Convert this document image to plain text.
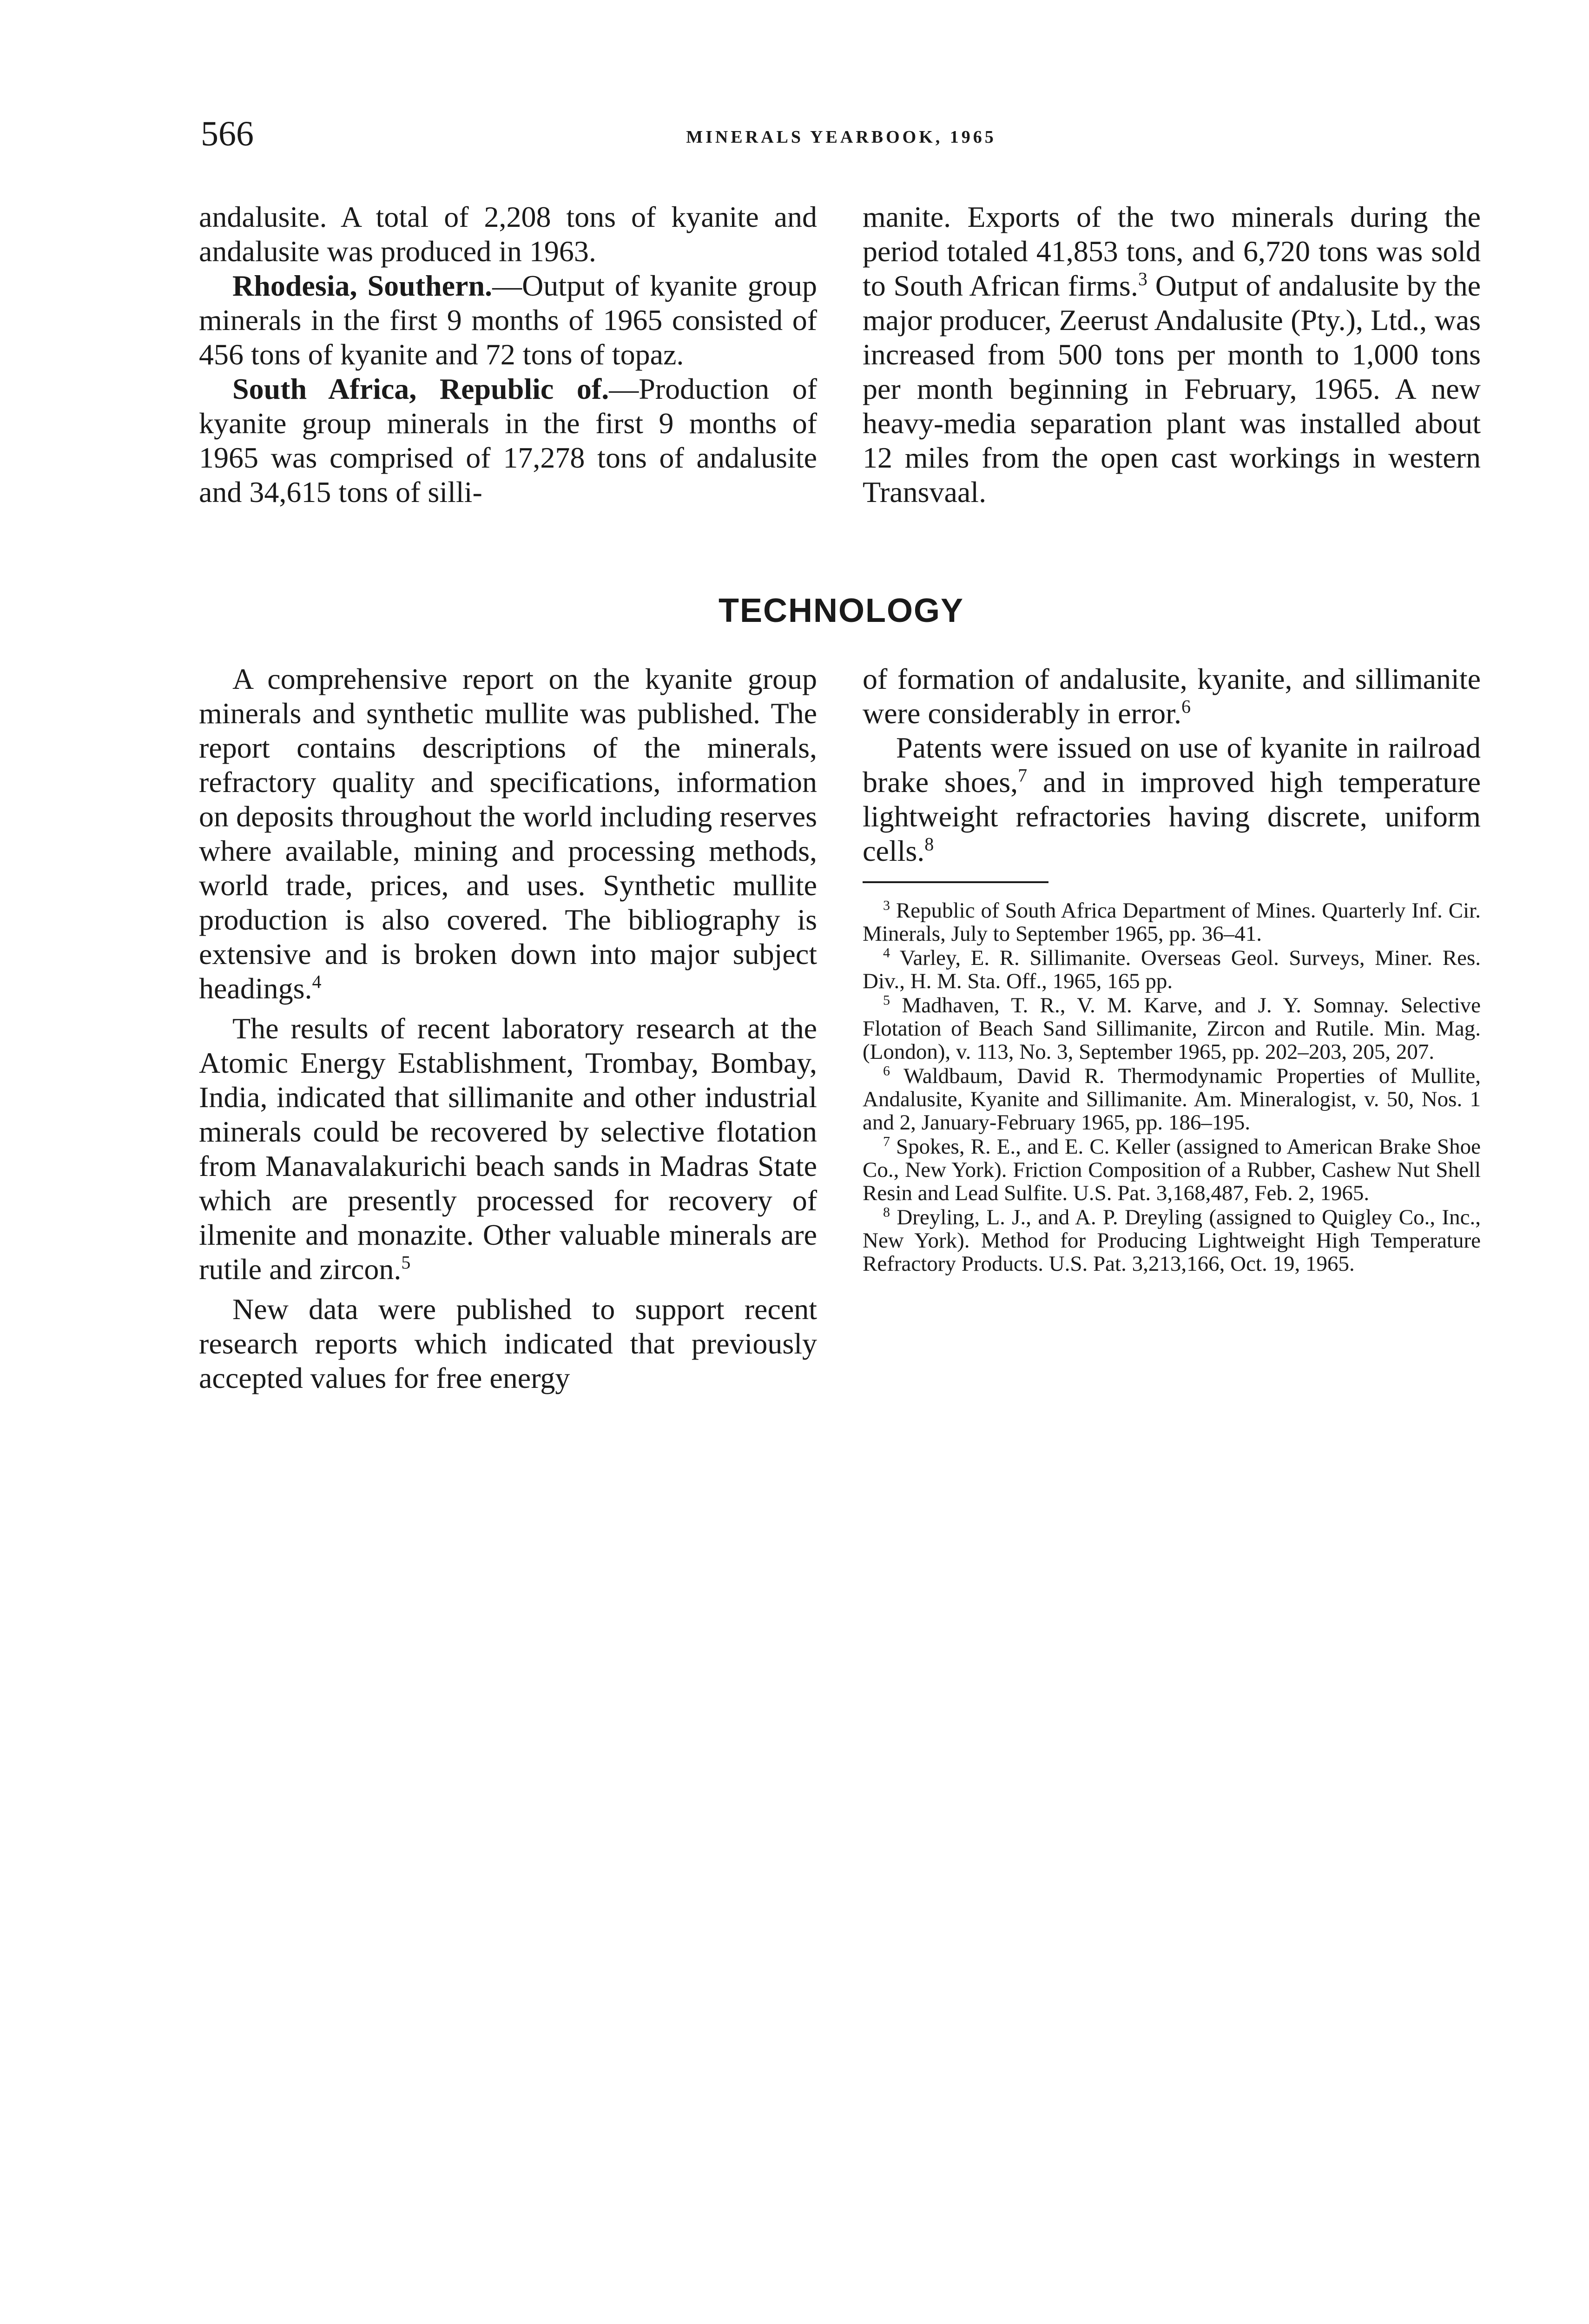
566	MINERALS YEARBOOK, 1965

andalusite. A total of 2,208 tons of kyanite and andalusite was produced in 1963.

Rhodesia, Southern.—Output of kyanite group minerals in the first 9 months of 1965 consisted of 456 tons of kyanite and 72 tons of topaz.

South Africa, Republic of.—Production of kyanite group minerals in the first 9 months of 1965 was comprised of 17,278 tons of andalusite and 34,615 tons of silli-

manite. Exports of the two minerals during the period totaled 41,853 tons, and 6,720 tons was sold to South African firms.$^3$ Output of andalusite by the major producer, Zeerust Andalusite (Pty.), Ltd., was increased from 500 tons per month to 1,000 tons per month beginning in February, 1965. A new heavy-media separation plant was installed about 12 miles from the open cast workings in western Transvaal.

TECHNOLOGY

A comprehensive report on the kyanite group minerals and synthetic mullite was published. The report contains descriptions of the minerals, refractory quality and specifications, information on deposits throughout the world including reserves where available, mining and processing methods, world trade, prices, and uses. Synthetic mullite production is also covered. The bibliography is extensive and is broken down into major subject headings.$^4$

The results of recent laboratory research at the Atomic Energy Establishment, Trombay, Bombay, India, indicated that sillimanite and other industrial minerals could be recovered by selective flotation from Manavalakurichi beach sands in Madras State which are presently processed for recovery of ilmenite and monazite. Other valuable minerals are rutile and zircon.$^5$

New data were published to support recent research reports which indicated that previously accepted values for free energy

of formation of andalusite, kyanite, and sillimanite were considerably in error.$^6$

Patents were issued on use of kyanite in railroad brake shoes,$^7$ and in improved high temperature lightweight refractories having discrete, uniform cells.$^8$

$^3$ Republic of South Africa Department of Mines. Quarterly Inf. Cir. Minerals, July to September 1965, pp. 36–41.

$^4$ Varley, E. R. Sillimanite. Overseas Geol. Surveys, Miner. Res. Div., H. M. Sta. Off., 1965, 165 pp.

$^5$ Madhaven, T. R., V. M. Karve, and J. Y. Somnay. Selective Flotation of Beach Sand Sillimanite, Zircon and Rutile. Min. Mag. (London), v. 113, No. 3, September 1965, pp. 202–203, 205, 207.

$^6$ Waldbaum, David R. Thermodynamic Properties of Mullite, Andalusite, Kyanite and Sillimanite. Am. Mineralogist, v. 50, Nos. 1 and 2, January-February 1965, pp. 186–195.

$^7$ Spokes, R. E., and E. C. Keller (assigned to American Brake Shoe Co., New York). Friction Composition of a Rubber, Cashew Nut Shell Resin and Lead Sulfite. U.S. Pat. 3,168,487, Feb. 2, 1965.

$^8$ Dreyling, L. J., and A. P. Dreyling (assigned to Quigley Co., Inc., New York). Method for Producing Lightweight High Temperature Refractory Products. U.S. Pat. 3,213,166, Oct. 19, 1965.
